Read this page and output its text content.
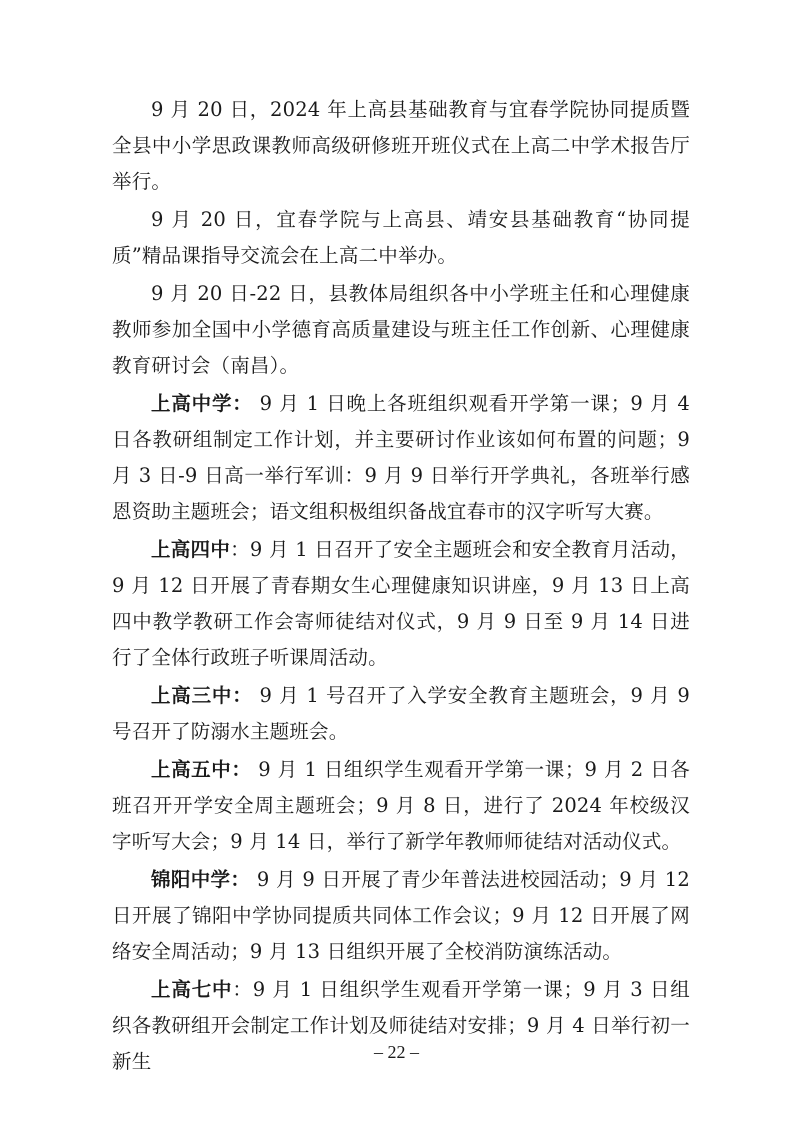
9 月 20 日，2024 年上高县基础教育与宜春学院协同提质暨全县中小学思政课教师高级研修班开班仪式在上高二中学术报告厅举行。

9 月 20 日，宜春学院与上高县、靖安县基础教育“协同提质”精品课指导交流会在上高二中举办。

9 月 20 日-22 日，县教体局组织各中小学班主任和心理健康教师参加全国中小学德育高质量建设与班主任工作创新、心理健康教育研讨会（南昌）。

上高中学： 9 月 1 日晚上各班组织观看开学第一课；9 月 4 日各教研组制定工作计划，并主要研讨作业该如何布置的问题；9 月 3 日-9 日高一举行军训：9 月 9 日举行开学典礼，各班举行感恩资助主题班会；语文组积极组织备战宜春市的汉字听写大赛。

上高四中：9 月 1 日召开了安全主题班会和安全教育月活动，9 月 12 日开展了青春期女生心理健康知识讲座，9 月 13 日上高四中教学教研工作会寄师徒结对仪式，9 月 9 日至 9 月 14 日进行了全体行政班子听课周活动。

上高三中： 9 月 1 号召开了入学安全教育主题班会，9 月 9 号召开了防溺水主题班会。

上高五中： 9 月 1 日组织学生观看开学第一课；9 月 2 日各班召开开学安全周主题班会；9 月 8 日，进行了 2024 年校级汉字听写大会；9 月 14 日，举行了新学年教师师徒结对活动仪式。

锦阳中学： 9 月 9 日开展了青少年普法进校园活动；9 月 12 日开展了锦阳中学协同提质共同体工作会议；9 月 12 日开展了网络安全周活动；9 月 13 日组织开展了全校消防演练活动。

上高七中：9 月 1 日组织学生观看开学第一课；9 月 3 日组织各教研组开会制定工作计划及师徒结对安排；9 月 4 日举行初一新生	– 22 –
